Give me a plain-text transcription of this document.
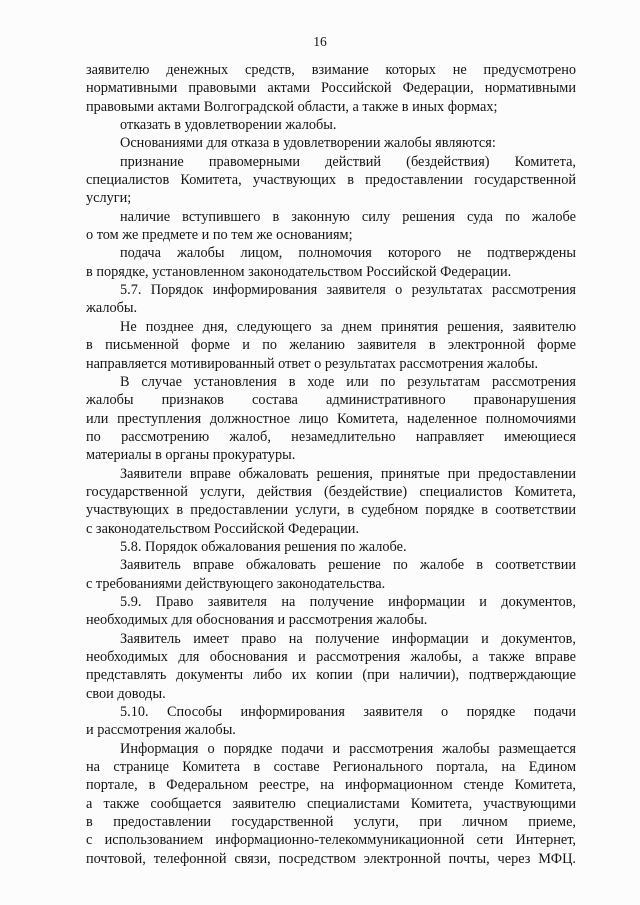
16
заявителю денежных средств, взимание которых не предусмотрено
нормативными правовыми актами Российской Федерации, нормативными
правовыми актами Волгоградской области, а также в иных формах;
отказать в удовлетворении жалобы.
Основаниями для отказа в удовлетворении жалобы являются:
признание правомерными действий (бездействия) Комитета,
специалистов Комитета, участвующих в предоставлении государственной
услуги;
наличие вступившего в законную силу решения суда по жалобе
о том же предмете и по тем же основаниям;
подача жалобы лицом, полномочия которого не подтверждены
в порядке, установленном законодательством Российской Федерации.
5.7. Порядок информирования заявителя о результатах рассмотрения
жалобы.
Не позднее дня, следующего за днем принятия решения, заявителю
в письменной форме и по желанию заявителя в электронной форме
направляется мотивированный ответ о результатах рассмотрения жалобы.
В случае установления в ходе или по результатам рассмотрения
жалобы признаков состава административного правонарушения
или преступления должностное лицо Комитета, наделенное полномочиями
по рассмотрению жалоб, незамедлительно направляет имеющиеся
материалы в органы прокуратуры.
Заявители вправе обжаловать решения, принятые при предоставлении
государственной услуги, действия (бездействие) специалистов Комитета,
участвующих в предоставлении услуги, в судебном порядке в соответствии
с законодательством Российской Федерации.
5.8. Порядок обжалования решения по жалобе.
Заявитель вправе обжаловать решение по жалобе в соответствии
с требованиями действующего законодательства.
5.9. Право заявителя на получение информации и документов,
необходимых для обоснования и рассмотрения жалобы.
Заявитель имеет право на получение информации и документов,
необходимых для обоснования и рассмотрения жалобы, а также вправе
представлять документы либо их копии (при наличии), подтверждающие
свои доводы.
5.10. Способы информирования заявителя о порядке подачи
и рассмотрения жалобы.
Информация о порядке подачи и рассмотрения жалобы размещается
на странице Комитета в составе Регионального портала, на Едином
портале, в Федеральном реестре, на информационном стенде Комитета,
а также сообщается заявителю специалистами Комитета, участвующими
в предоставлении государственной услуги, при личном приеме,
с использованием информационно-телекоммуникационной сети Интернет,
почтовой, телефонной связи, посредством электронной почты, через МФЦ.
